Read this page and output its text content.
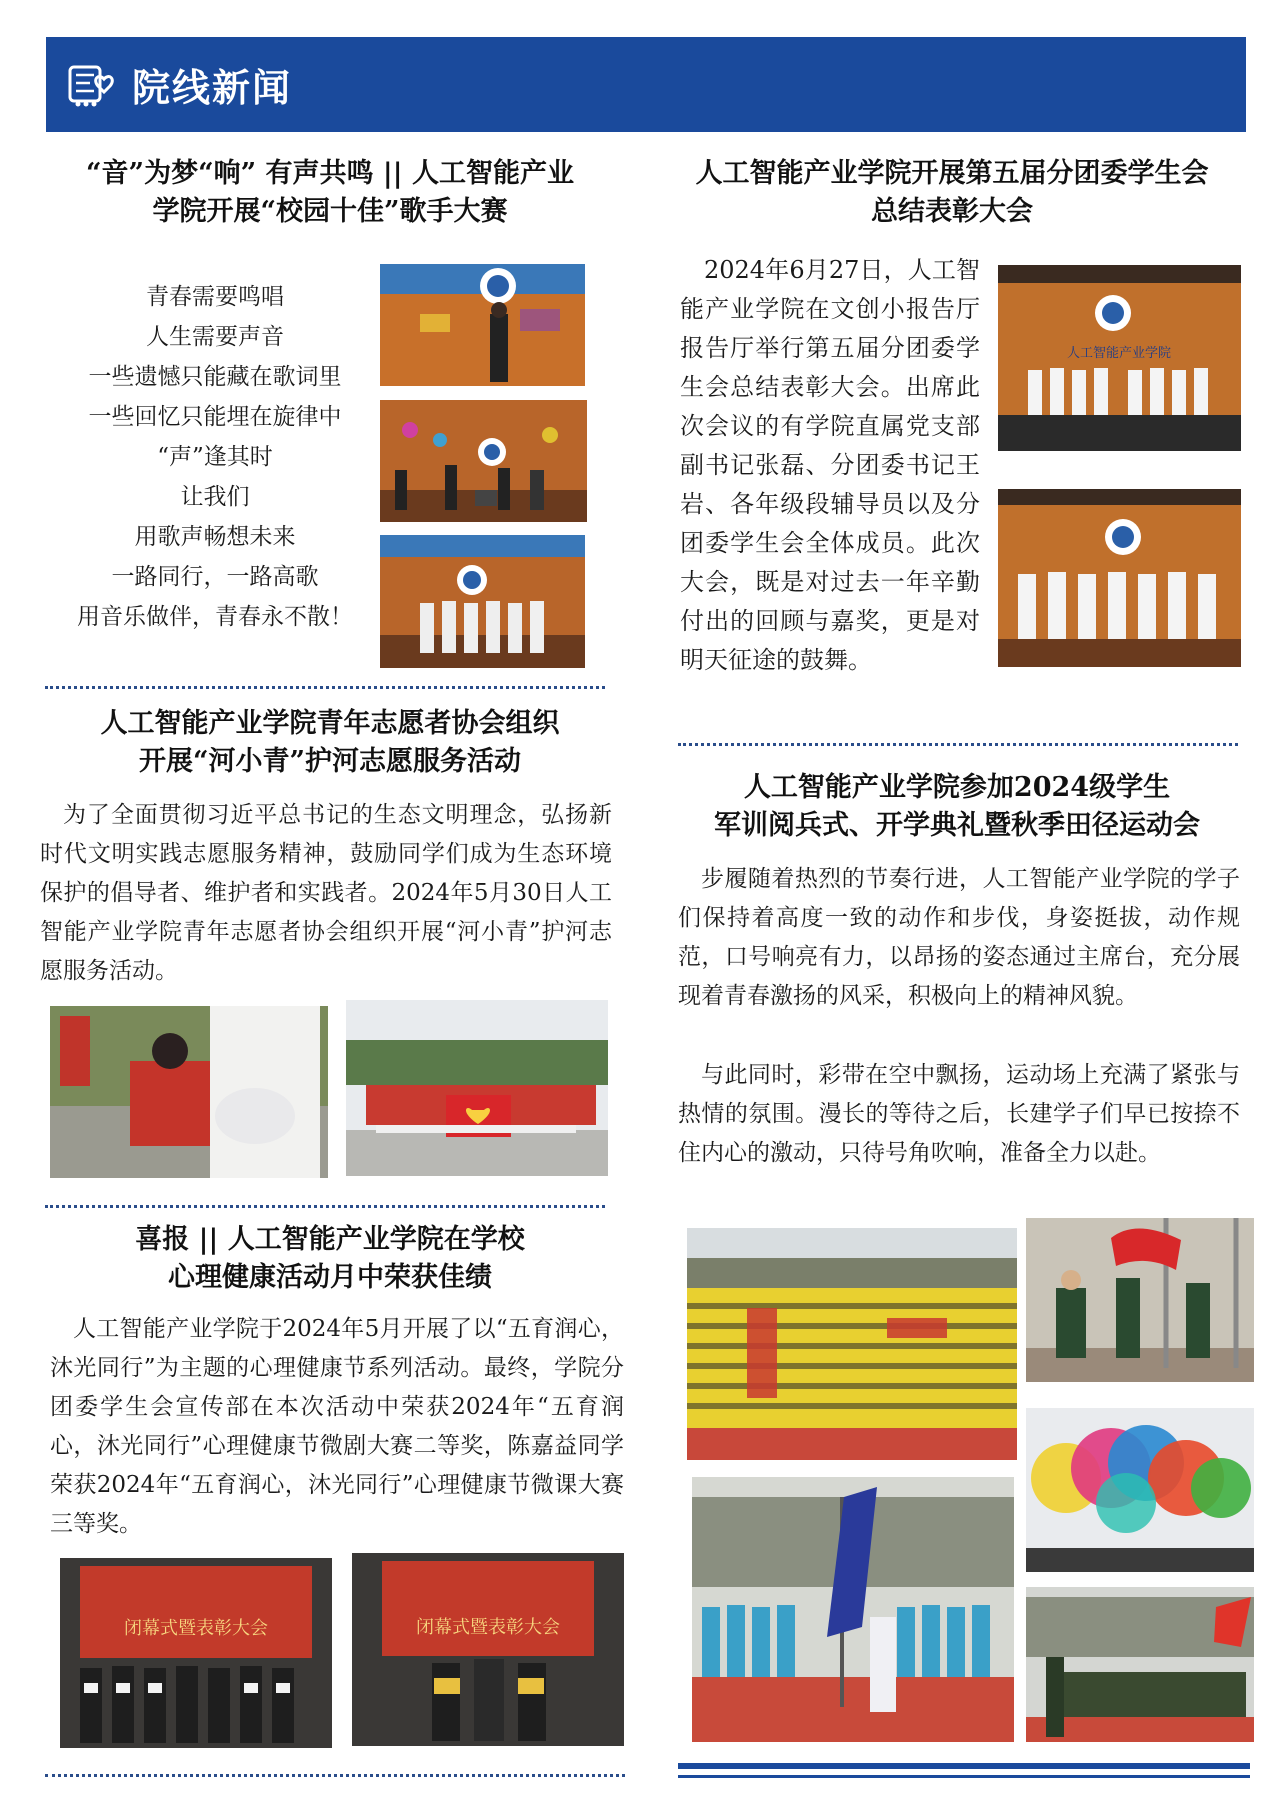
院线新闻
“音”为梦“响” 有声共鸣 || 人工智能产业
学院开展“校园十佳”歌手大赛
青春需要鸣唱
人生需要声音
一些遗憾只能藏在歌词里
一些回忆只能埋在旋律中
“声”逢其时
让我们
用歌声畅想未来
一路同行，一路高歌
用音乐做伴，青春永不散！
人工智能产业学院开展第五届分团委学生会
总结表彰大会
2024年6月27日，人工智能产业学院在文创小报告厅报告厅举行第五届分团委学生会总结表彰大会。出席此次会议的有学院直属党支部副书记张磊、分团委书记王岩、各年级段辅导员以及分团委学生会全体成员。此次大会，既是对过去一年辛勤付出的回顾与嘉奖，更是对明天征途的鼓舞。
人工智能产业学院
人工智能产业学院青年志愿者协会组织
开展“河小青”护河志愿服务活动
为了全面贯彻习近平总书记的生态文明理念，弘扬新时代文明实践志愿服务精神，鼓励同学们成为生态环境保护的倡导者、维护者和实践者。2024年5月30日人工智能产业学院青年志愿者协会组织开展“河小青”护河志愿服务活动。
人工智能产业学院参加2024级学生
军训阅兵式、开学典礼暨秋季田径运动会
步履随着热烈的节奏行进，人工智能产业学院的学子们保持着高度一致的动作和步伐，身姿挺拔，动作规范，口号响亮有力，以昂扬的姿态通过主席台，充分展现着青春激扬的风采，积极向上的精神风貌。
与此同时，彩带在空中飘扬，运动场上充满了紧张与热情的氛围。漫长的等待之后，长建学子们早已按捺不住内心的激动，只待号角吹响，准备全力以赴。
喜报 || 人工智能产业学院在学校
心理健康活动月中荣获佳绩
人工智能产业学院于2024年5月开展了以“五育润心，沐光同行”为主题的心理健康节系列活动。最终，学院分团委学生会宣传部在本次活动中荣获2024年“五育润心，沐光同行”心理健康节微剧大赛二等奖，陈嘉益同学荣获2024年“五育润心，沐光同行”心理健康节微课大赛三等奖。
闭幕式暨表彰大会	闭幕式暨表彰大会
